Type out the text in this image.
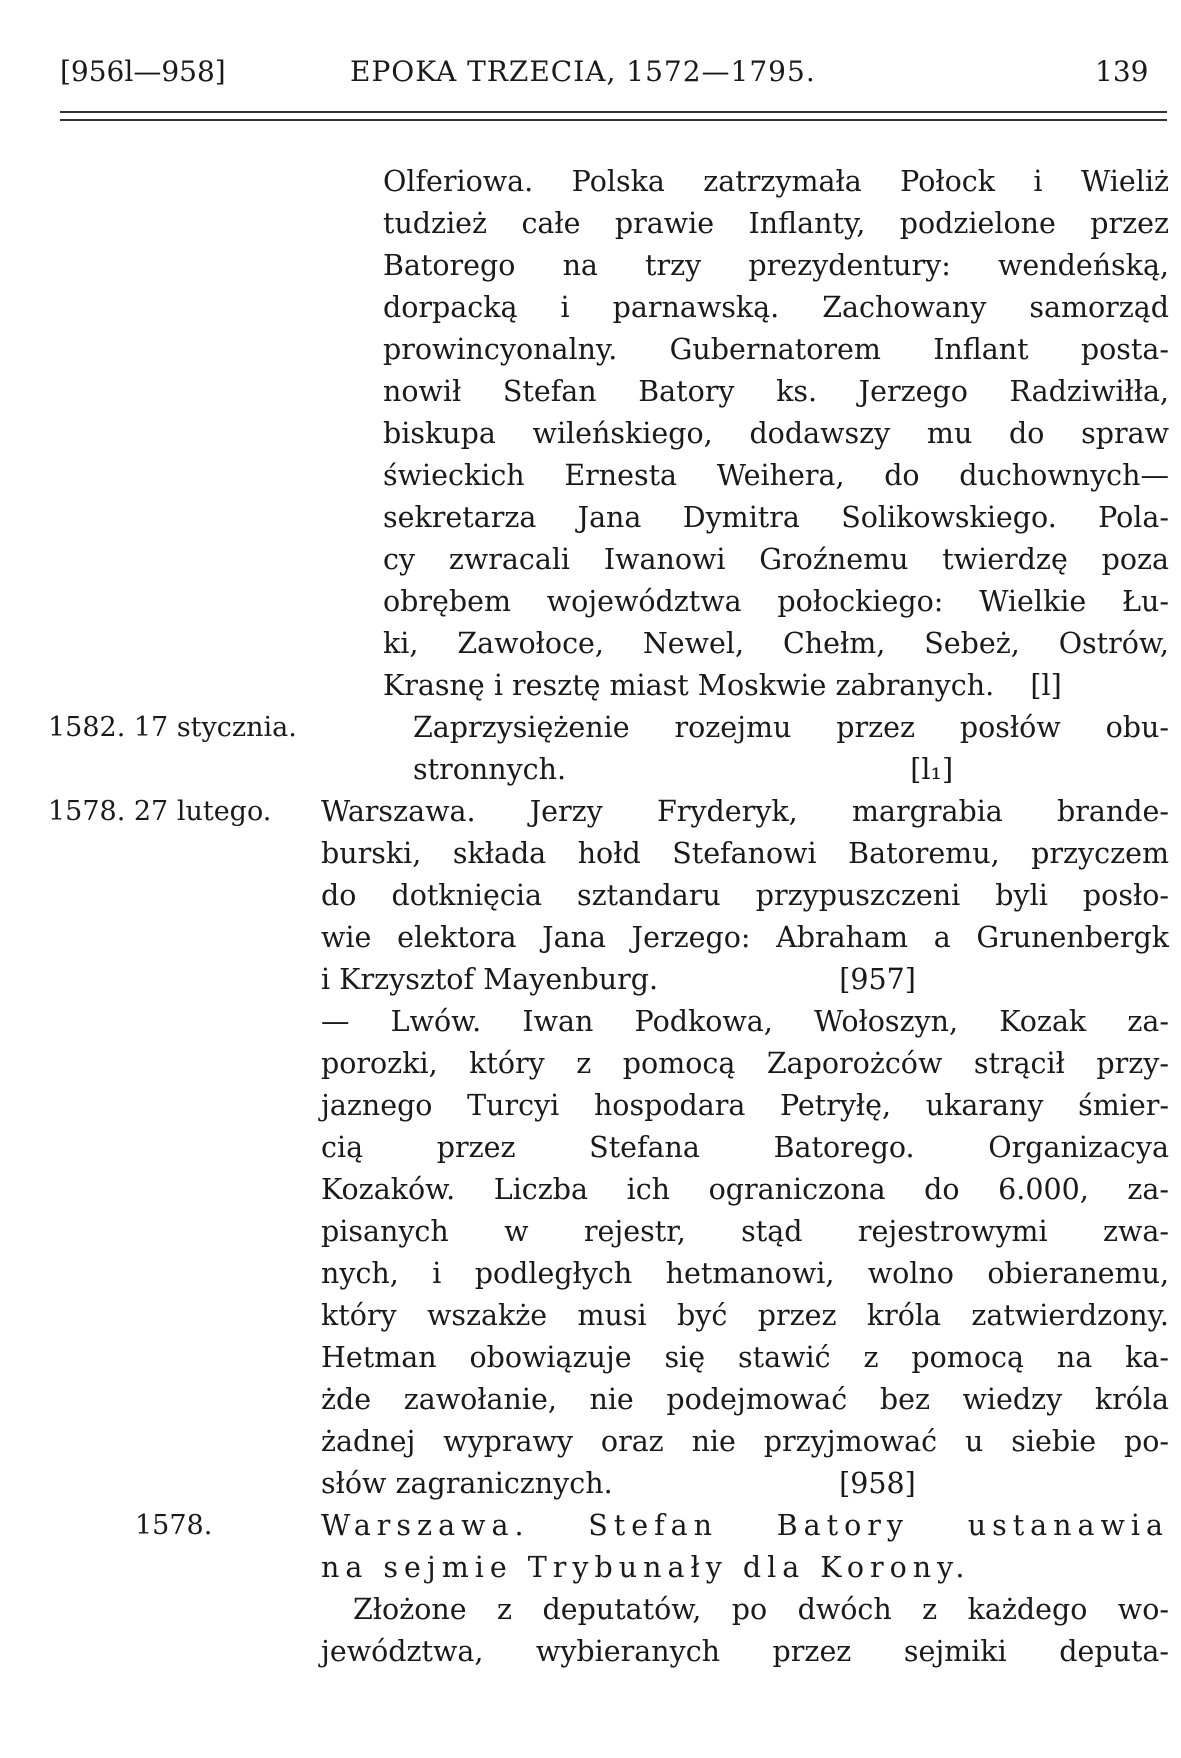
[956l—958]	EPOKA TRZECIA, 1572—1795.	139
Olferiowa. Polska zatrzymała Połock i Wieliż
tudzież całe prawie Inflanty, podzielone przez
Batorego na trzy prezydentury: wendeńską,
dorpacką i parnawską. Zachowany samorząd
prowincyonalny. Gubernatorem Inflant posta-
nowił Stefan Batory ks. Jerzego Radziwiłła,
biskupa wileńskiego, dodawszy mu do spraw
świeckich Ernesta Weihera, do duchownych—
sekretarza Jana Dymitra Solikowskiego. Pola-
cy zwracali Iwanowi Groźnemu twierdzę poza
obrębem województwa połockiego: Wielkie Łu-
ki, Zawołoce, Newel, Chełm, Sebeż, Ostrów,
Krasnę i resztę miast Moskwie zabranych.    [l]
1582. 17 stycznia.	Zaprzysiężenie rozejmu przez posłów obu-
stronnych.                                      [l₁]
1578. 27 lutego. Warszawa. Jerzy Fryderyk, margrabia brande-
burski, składa hołd Stefanowi Batoremu, przyczem
do dotknięcia sztandaru przypuszczeni byli posło-
wie elektora Jana Jerzego: Abraham a Grunenbergk
i Krzysztof Mayenburg.                    [957]
— Lwów. Iwan Podkowa, Wołoszyn, Kozak za-
porozki, który z pomocą Zaporożców strącił przy-
jaznego Turcyi hospodara Petryłę, ukarany śmier-
cią przez Stefana Batorego. Organizacya
Kozaków. Liczba ich ograniczona do 6.000, za-
pisanych w rejestr, stąd rejestrowymi zwa-
nych, i podległych hetmanowi, wolno obieranemu,
który wszakże musi być przez króla zatwierdzony.
Hetman obowiązuje się stawić z pomocą na ka-
żde zawołanie, nie podejmować bez wiedzy króla
żadnej wyprawy oraz nie przyjmować u siebie po-
słów zagranicznych.                         [958]
1578.	Warszawa. Stefan Batory ustanawia
na sejmie Trybunały dla Korony.
Złożone z deputatów, po dwóch z każdego wo-
jewództwa, wybieranych przez sejmiki deputa-
